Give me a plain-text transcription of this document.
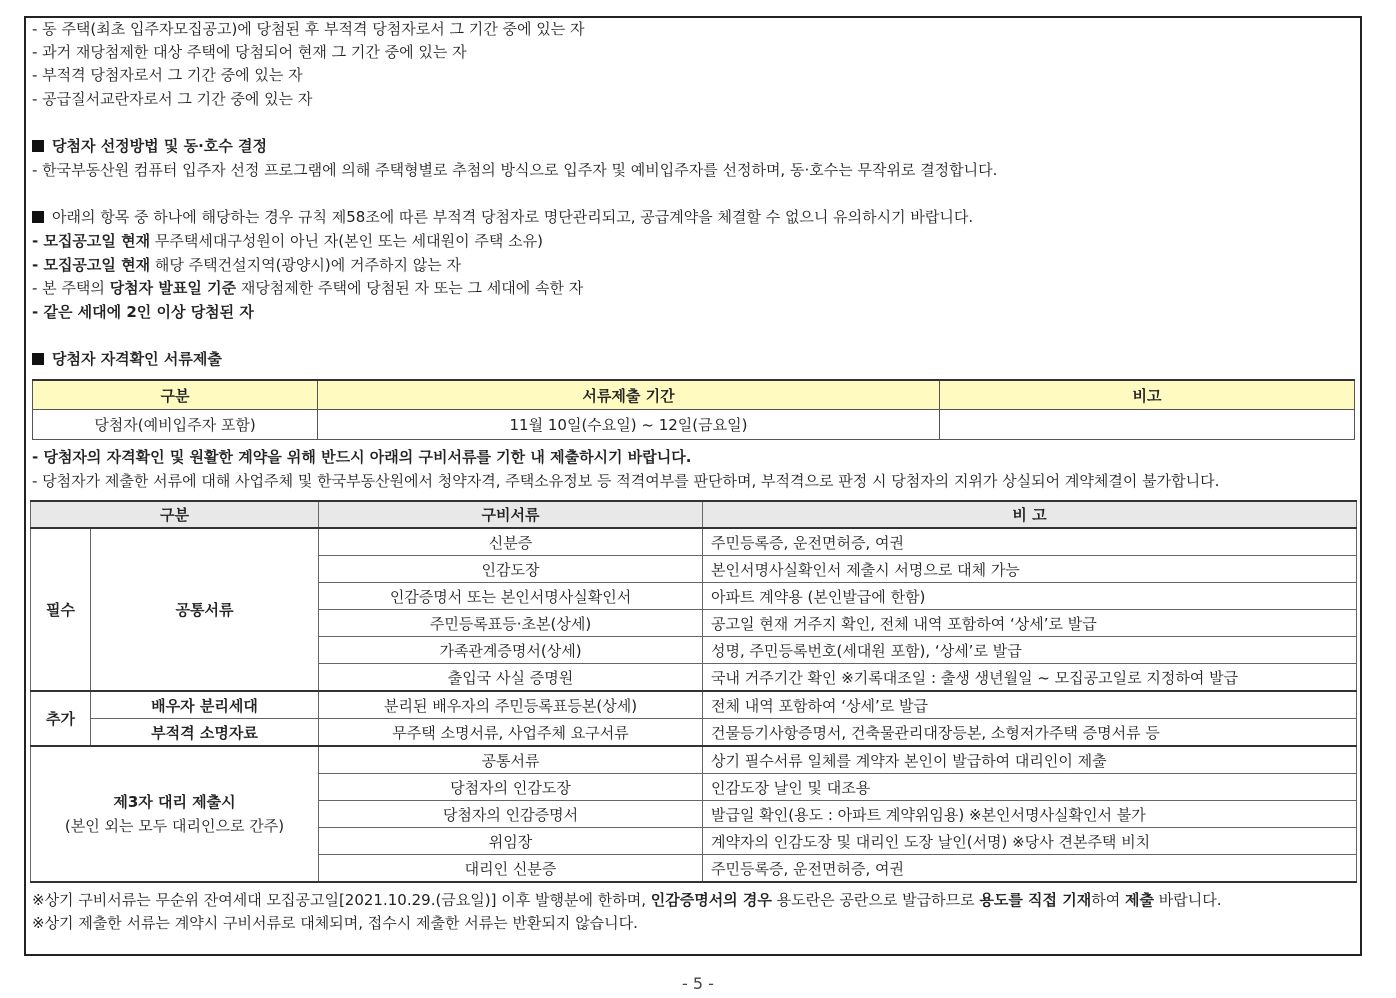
- 동 주택(최초 입주자모집공고)에 당첨된 후 부적격 당첨자로서 그 기간 중에 있는 자
- 과거 재당첨제한 대상 주택에 당첨되어 현재 그 기간 중에 있는 자
- 부적격 당첨자로서 그 기간 중에 있는 자
- 공급질서교란자로서 그 기간 중에 있는 자
당첨자 선정방법 및 동·호수 결정
- 한국부동산원 컴퓨터 입주자 선정 프로그램에 의해 주택형별로 추첨의 방식으로 입주자 및 예비입주자를 선정하며, 동·호수는 무작위로 결정합니다.
아래의 항목 중 하나에 해당하는 경우 규칙 제58조에 따른 부적격 당첨자로 명단관리되고, 공급계약을 체결할 수 없으니 유의하시기 바랍니다.
- 모집공고일 현재 무주택세대구성원이 아닌 자(본인 또는 세대원이 주택 소유)
- 모집공고일 현재 해당 주택건설지역(광양시)에 거주하지 않는 자
- 본 주택의 당첨자 발표일 기준 재당첨제한 주택에 당첨된 자 또는 그 세대에 속한 자
- 같은 세대에 2인 이상 당첨된 자
당첨자 자격확인 서류제출
구분	서류제출 기간	비고
당첨자(예비입주자 포함)	11월 10일(수요일) ~ 12일(금요일)	
- 당첨자의 자격확인 및 원활한 계약을 위해 반드시 아래의 구비서류를 기한 내 제출하시기 바랍니다.
- 당첨자가 제출한 서류에 대해 사업주체 및 한국부동산원에서 청약자격, 주택소유정보 등 적격여부를 판단하며, 부적격으로 판정 시 당첨자의 지위가 상실되어 계약체결이 불가합니다.
구분		구비서류	비 고
필수	공통서류	신분증	주민등록증, 운전면허증, 여권
		인감도장	본인서명사실확인서 제출시 서명으로 대체 가능
		인감증명서 또는 본인서명사실확인서	아파트 계약용 (본인발급에 한함)
		주민등록표등·초본(상세)	공고일 현재 거주지 확인, 전체 내역 포함하여 ‘상세’로 발급
		가족관계증명서(상세)	성명, 주민등록번호(세대원 포함), ‘상세’로 발급
		출입국 사실 증명원	국내 거주기간 확인 ※기록대조일 : 출생 생년월일 ~ 모집공고일로 지정하여 발급
추가	배우자 분리세대	분리된 배우자의 주민등록표등본(상세)	전체 내역 포함하여 ‘상세’로 발급
	부적격 소명자료	무주택 소명서류, 사업주체 요구서류	건물등기사항증명서, 건축물관리대장등본, 소형저가주택 증명서류 등

제3자 대리 제출시
(본인 외는 모두 대리인으로 간주)		공통서류	상기 필수서류 일체를 계약자 본인이 발급하여 대리인이 제출
		당첨자의 인감도장	인감도장 날인 및 대조용
		당첨자의 인감증명서	발급일 확인(용도 : 아파트 계약위임용) ※본인서명사실확인서 불가
		위임장	계약자의 인감도장 및 대리인 도장 날인(서명) ※당사 견본주택 비치
		대리인 신분증	주민등록증, 운전면허증, 여권
※상기 구비서류는 무순위 잔여세대 모집공고일[2021.10.29.(금요일)] 이후 발행분에 한하며, 인감증명서의 경우 용도란은 공란으로 발급하므로 용도를 직접 기재하여 제출 바랍니다.
※상기 제출한 서류는 계약시 구비서류로 대체되며, 접수시 제출한 서류는 반환되지 않습니다.
- 5 -
